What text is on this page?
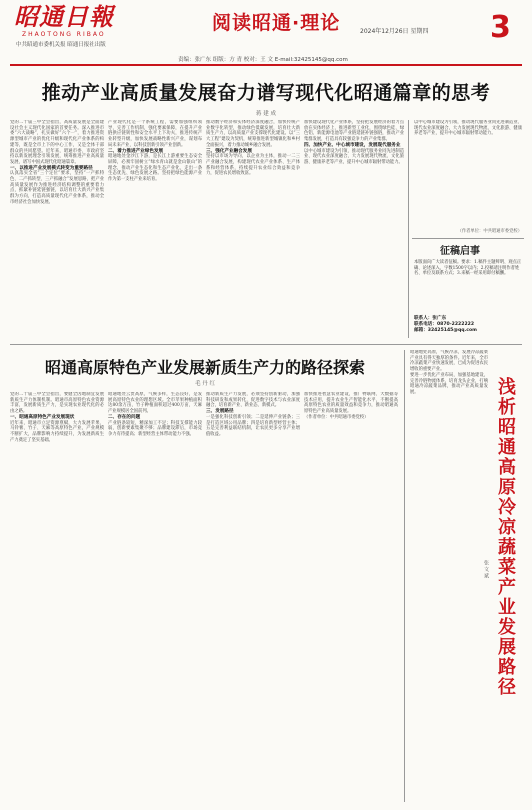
昭通日報
ZHAOTONG RIBAO
中共昭通市委机关报 昭通日报社出版
阅读昭通·理论	2024年12月26日 星期四 3
责编：张广东 组版：方 青 校对：王 文 E-mail:32425145@qq.com
推动产业高质量发展奋力谱写现代化昭通篇章的思考
蒋 建 成
党的二十届三中全会指出，高质量发展是全面建设社会主义现代化国家的首要任务。深入推进市委“六大战略”，扎实做好“六个一”，着力推进资源型城市产业的优化升级和现代化产业体系的构建等，既是全市上下的中心工作，又是全体干部群众的共同愿望。近年来，昭通市委、市政府坚持以新发展理念引领发展，统筹推进产业高质量发展，谱写中国式现代化昭通篇章。
一、以推进产业发展模式转变为重要路径
认真落实全省“三个定位”要求，坚持“一产抓特色、二产抓转型、三产抓融合”发展思路，把产业高质量发展作为推进经济结构调整的重要着力点，抓紧补链延链强链，以培育壮大新兴产业集群为方向，打造高质量现代化产业体系，推动全市经济社会加快发展。
产业现代化是一个系统工程，需要加强组织领导，完善工作机制，强化要素保障，在提升产业链供应链韧性和安全水平上下功夫，推进传统产业转型升级，加快发展战略性新兴产业，谋划布局未来产业，以科技创新引领产业创新。
二、着力推进产业绿色发展
昭通地处金沙江下游，是长江上游重要生态安全屏障，必须牢固树立“绿水青山就是金山银山”的理念，推动产业生态化和生态产业化，走出一条生态优先、绿色发展之路。坚持把绿色能源产业作为第一支柱产业来培育。
推动数字经济和实体经济深度融合，加快传统产业数字化转型，推动绿色低碳发展，培育壮大新质生产力，以高质量产业支撑现代化建设。以“三大工程”建设为契机，统筹推进新型城镇化和乡村全面振兴，着力推动城乡融合发展。
三、强化产业融合发展
坚持以市场为导向，以企业为主体，推动一二三产业融合发展，构建现代农业产业体系、生产体系和经营体系，持续提升农业综合效益和竞争力，促进农民增收致富。
加快建设现代化产业体系，坚持把发展经济的着力点放在实体经济上，推进新型工业化，围绕绿色硅、绿色铝、新能源电池等产业链延链补链强链，推动产业集群发展，打造具有较强竞争力的产业集群。
四、加快产业、中心城市建设，发展现代服务业
以中心城市建设为引领，推动现代服务业同先进制造业、现代农业深度融合，大力发展现代物流、文化旅游、健康养老等产业，提升中心城市辐射带动能力。
以中心城市建设为引领，推动现代服务业同先进制造业、现代农业深度融合，大力发展现代物流、文化旅游、健康养老等产业，提升中心城市辐射带动能力。
（作者单位：中共昭通市委党校）
征稿启事
本版面向广大读者征稿。要求：1.稿件主题鲜明、观点正确、论述深入，字数1500字以内；2.投稿请注明作者姓名、单位及联系方式；3.来稿一经采用即付稿酬。
联系人：张广东
联系电话：0870-2222222
邮箱：32425145@qq.com
昭通高原特色产业发展新质生产力的路径探索
毛 丹 红
党的二十届三中全会指出，要健全因地制宜发展新质生产力体制机制。昭通市高原特色农业资源丰富，发展新质生产力，是实现农业现代化的必由之路。
一、昭通高原特色产业发展现状
近年来，昭通市立足资源禀赋，大力发展苹果、马铃薯、竹子、天麻等高原特色产业，产业规模不断扩大，品牌影响力持续提升，为发展新质生产力奠定了坚实基础。
昭通地处云贵高原，气候多样，生态良好，是发展高原特色农业的理想区域。全市苹果种植面积达80余万亩，竹子种植面积超过400万亩，天麻产业规模居全国前列。
二、存在的问题
产业链条较短，精深加工不足；科技支撑能力较弱，创新要素集聚不够；品牌建设滞后，市场竞争力有待提高；新型经营主体带动能力不强。
推动新质生产力发展，必须坚持创新驱动，加强科技研发和成果转化，促进数字技术与农业深度融合，培育新产业、新业态、新模式。
三、发展路径
一是强化科技创新引领；二是延伸产业链条；三是打造区域公用品牌；四是培育新型经营主体；五是完善利益联结机制，让农民更多分享产业增值收益。
加快推进智慧农业建设，推广物联网、大数据等技术应用，提升农业生产智能化水平，不断提高高原特色农业的质量效益和竞争力，推动昭通高原特色产业高质量发展。
（作者单位：中共昭通市委党校）
昭通地处高原，气候冷凉，发展冷凉蔬菜产业具有得天独厚的条件。近年来，全市冷凉蔬菜产业快速发展，已成为促进农民增收的重要产业。
要进一步优化产业布局，加强基地建设，完善冷链物流体系，培育龙头企业，打响昭通冷凉蔬菜品牌，推动产业高质量发展。	浅析昭通高原冷凉蔬菜产业发展路径
张 文 斌
